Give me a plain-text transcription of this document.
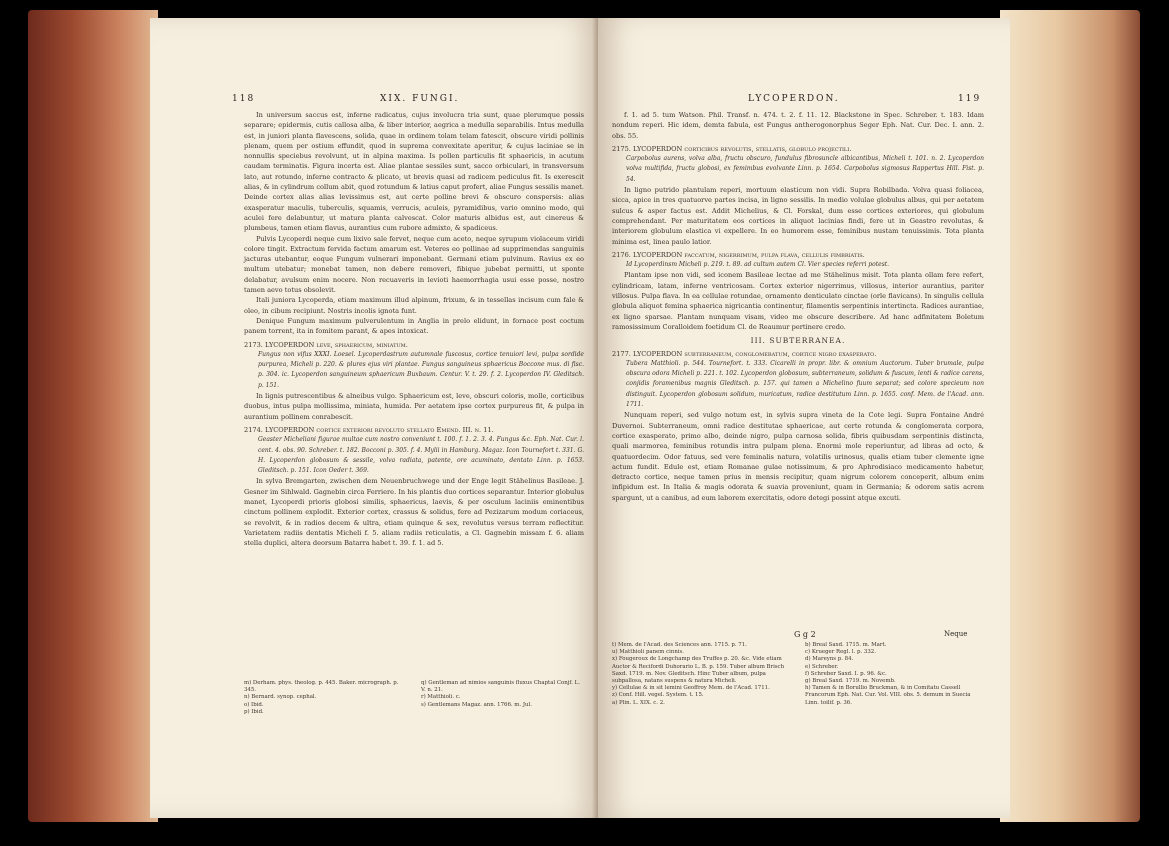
118	XIX. FUNGI.

In universum saccus est, inferne radicatus, cujus involucra tria sunt, quae plerumque possis separare; epidermis, cutis callosa alba, & liber interior, aegrica a medulla separabilis. Intus medulla est, in juniori planta flavescens, solida, quae in ordinem tolam telam fatescit, obscure viridi pollinis plenam, quem per ostium effundit, quod in suprema convexitate aperitur, & cujus laciniae se in nonnullis speciebus revolvunt, ut in alpina maxima. Is pollen particulis fit sphaericis, in acutum caudam terminatis. Figura incerta est. Aliae plantae sessiles sunt, sacco orbiculari, in transversum lato, aut rotundo, inferne contracto & plicato, ut brevis quasi ad radicem pediculus fit. Is exerescit alias, & in cylindrum collum abit, quod rotundum & latius caput profert, aliae Fungus sessilis manet. Deinde cortex alias alias levissimus est, aut certe polline brevi & obscuro conspersis: alias exasperatur maculis, tuberculis, squamis, verrucis, aculeis, pyramidibus, vario omnino modo, qui aculei fere delabuntur, ut matura planta calvescat. Color maturis albidus est, aut cinereus & plumbeus, tamen etiam flavus, aurantius cum rubore admixto, & spadiceus.

Pulvis Lycoperdi neque cum lixivo sale fervet, neque cum aceto, neque syrupum violaceum viridi colore tingit. Extractum fervida factum amarum est. Veteres eo pollinae ad supprimendas sanguinis jacturas utebantur, eoque Fungum vulnerari imponebant. Germani etiam pulvinum. Ravius ex eo multum utebatur; monebat tamen, non debere removeri, fibique jubebat permitti, ut sponte delabatur, avulsum enim nocere. Non recuaveris in levioti haemorrhagia usui esse posse, nostro tamen aevo totus obsolevit.

Itali juniora Lycoperda, etiam maximum illud alpinum, frixum, & in tessellas incisum cum fale & oleo, in cibum recipiunt. Nostris incolis ignota funt.

Denique Fungum maximum pulverulentum in Anglia in prelo elidunt, in fornace post coctum panem torrent, ita in fomitem parant, & apes intoxicat.

2173. LYCOPERDON leve, sphaericum, miniatum.

Fungus non vifus XXXI. Loesel. Lycoperdastrum autumnale fuscosus, cortice tenuiori levi, pulpa sordide purpurea, Micheli p. 220. & plures ejus viri plantae. Fungus sanguineus sphaericus Boccone mus. di fisc. p. 304. ic. Lycoperdon sanguineum sphaericum Buxbaum. Centur. V. t. 29. f. 2. Lycoperdon IV. Gleditsch. p. 151.

In lignis putrescentibus & alneibus vulgo. Sphaericum est, leve, obscuri coloris, molle, corticibus duobus, intus pulpa mollissima, miniata, humida. Per aetatem ipse cortex purpureus fit, & pulpa in aurantium pollinem conrabescit.

2174. LYCOPERDON cortice exteriori revoluto stellato Emend. III. n. 11.

Geaster Micheliani figurae multae cum nostro conveniunt t. 100. f. 1. 2. 3. 4. Fungus &c. Eph. Nat. Cur. l. cent. 4. obs. 90. Schreber. t. 182. Bocconi p. 305. f. 4. Mylii in Hamburg. Magaz. Icon Tournefort t. 331. G. H. Lycoperdon globosum & sessile, volva radiata, patente, ore acuminato, dentato Linn. p. 1653. Gleditsch. p. 151. Icon Oeder t. 369.

In sylva Bremgarten, zwischen dem Neuenbruchwege und der Enge legit Stähelinus Basileae. J. Gesner im Sihlwald. Gagnebin circa Ferriere. In his plantis duo cortices separantur. Interior globulus manet, Lycoperdi prioris globosi similis, sphaericus, laevis, & per osculum laciniis eminentibus cinctum pollinem explodit. Exterior cortex, crassus & solidus, fere ad Pezizarum modum coriaceus, se revolvit, & in radios decem & ultra, etiam quinque & sex, revolutus versus terram reflectitur. Varietatem radiis dentatis Micheli f. 5. aliam radiis reticulatis, a Cl. Gagnebin missam f. 6. aliam stella duplici, altera deorsum Batarra habet t. 39. f. 1. ad 5.

m) Derham. phys. theolog. p. 445. Baker. micrograph. p. 345.
n) Bernard. synop. cephal.
o) Ibid.
p) Ibid.
q) Gentleman ad nimios sanguinis fluxus Chaptal Conjf. L. V. n. 21.
r) Matthioli. c.
s) Gentlemans Magaz. ann. 1766. m. Jul.
LYCOPERDON.	119

f. 1. ad 5. tum Watson. Phil. Transf. n. 474. t. 2. f. 11. 12. Blackstone in Spec. Schreber. t. 183. Idam nondum reperi. Hic idem, demta fabula, est Fungus antherogonorphus Seger Eph. Nat. Cur. Dec. I. ann. 2. obs. 55.

2175. LYCOPERDON corticibus revolutis, stellatis, globulo projectili.

Carpobolus aurens, volva alba, fructu obscuro, fundulus fibrosuncle albicantibus, Micheli t. 101. n. 2. Lycoperdon volva multifida, fructu globosi, ex femimbus evolvante Linn. p. 1654. Carpobolus sigmosus Rappertus Hill. Fist. p. 54.

In ligno putrido plantulam reperi, mortuum elasticum non vidi. Supra Robilbada. Volva quasi foliacea, sicca, apice in tres quatuorve partes incisa, in ligno sessilis. In medio volulae globulus albus, qui per aetatem sulcus & asper factus est. Addit Michelius, & Cl. Forskal, dum esse cortices exteriores, qui globulum comprehendant. Per maturitatem eos cortices in aliquot lacinias findi, fere ut in Geastro revolutas, & interiorem globulum elastica vi expellere. In eo humorem esse, feminibus nustam tenuissimis. Tota planta minima est, linea paulo latior.

2176. LYCOPERDON faccatum, nigerrimum, pulpa flava, cellulis fimbriatis.

Id Lycoperdinsm Micheli p. 219. t. 89. ad cultum autem Cl. Vier species referri potest.

Plantam ipse non vidi, sed iconem Basileae lectae ad me Stähelinus misit. Tota planta ollam fere refert, cylindricam, latam, inferne ventricosam. Cortex exterior nigerrimus, villosus, interior aurantius, pariter villosus. Pulpa flava. In ea cellulae rotundae, ornamento denticulato cinctae (orle flavicans). In singulis cellula globula aliquot femina sphaerica nigricantia continentur, filamentis serpentinis intertincta. Radices aurantiae, ex ligno sparsae. Plantam nunquam visam, video me obscure describere. Ad hanc adfinitatem Boletum ramosissimum Coralloidem foetidum Cl. de Reaumur pertinere credo.

III. SUBTERRANEA.

2177. LYCOPERDON subterraneum, conglomeratum, cortice nigro exasperato.

Tubera Matthioli. p. 544. Tournefort. t. 333. Cicarelli in propr. libr. & omnium Auctorum. Tuber brumale, pulpa obscura odora Micheli p. 221. t. 102. Lycoperdon globosum, subterraneum, solidum & fuscum, lenti & radice carens, conjidis foramenibus magnis Gleditsch. p. 157. qui tamen a Michelino fuum separat; sed colore specieum non distinguit. Lycoperdon globosum solidum, muricatum, radice destitutum Linn. p. 1655. conf. Mem. de l'Acad. ann. 1711.

Nunquam reperi, sed vulgo notum est, in sylvis supra vineta de la Cote legi. Supra Fontaine André Duvernoi. Subterraneum, omni radice destitutae sphaericae, aut certe rotunda & conglomerata corpora, cortice exasperato, primo albo, deinde nigro, pulpa carnosa solida, fibris quibusdam serpentinis distincta, quali marmorea, feminibus rotundis intra pulpam plena. Enormi mole reperiuntur, ad libras ad octo, & quatuordecim. Odor fatuus, sed vere feminalis natura, volatilis urinosus, qualis etiam tuber clemente igne actum fundit. Edule est, etiam Romanae gulae notissimum, & pro Aphrodisiaco medicamento habetur, detracto cortice, neque tamen prius in mensis recipitur, quam nigrum colorem conceperit, album enim infipidum est. In Italia & magis odorata & suavia proveniunt, quam in Germania; & odorem satis acrem spargunt, ut a canibus, ad eum laborem exercitatis, odore detegi possint atque excuti.

G g 2	Neque
t) Mem. de l'Acad. des Sciences ann. 1715. p. 71.
u) Matthioli panem cinnis.
x) Fougeroux de Longchamp des Truffes p. 20. &c. Vide etiam Auctor & Recifordi Duhorario L. B. p. 159. Tuber album Brisch Saxd. 1719. m. Nov. Gleditsch. Hinc Tuber album, pulpa subpallosa, natans suspens & natura Micheli.
y) Cellulae & in sit lemini Geoffroy Mem. de l'Acad. 1711.
z) Conf. Hill. vegel. System. t. 15.
a) Plin. L. XIX. c. 2.
b) Breal Saxd. 1715. m. Mart.
c) Krueger Regl. l. p. 332.
d) Mareyns p. 84.
e) Schreber.
f) Schreber Saxd. I. p. 96. &c.
g) Breal Saxd. 1719. m. Novemb.
h) Tamen & in Borullio Bruckman, & in Comitatu Cassell Francorum Eph. Nat. Cur. Vol. VIII. obs. 5. demum in Suecia Linn. toilif. p. 36.
